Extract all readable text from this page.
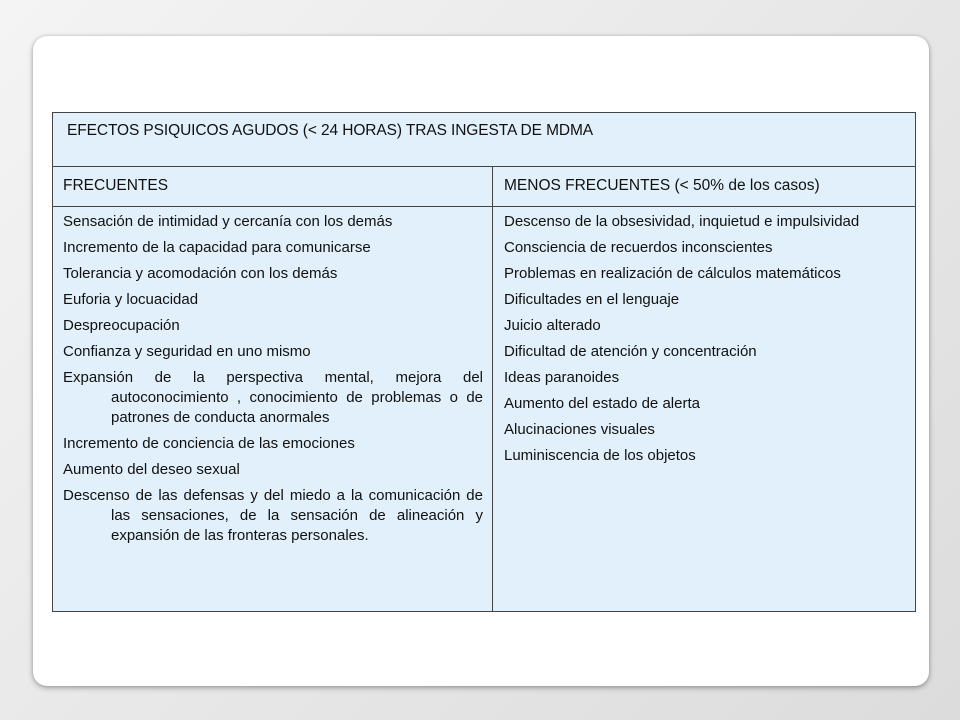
EFECTOS PSIQUICOS AGUDOS (< 24 HORAS) TRAS INGESTA DE MDMA
FRECUENTES	MENOS FRECUENTES (< 50% de los casos)
Sensación de intimidad y cercanía con los demás
Incremento de la capacidad para comunicarse
Tolerancia y acomodación con los demás
Euforia y locuacidad
Despreocupación
Confianza y seguridad en uno mismo
Expansión de la perspectiva mental, mejora del autoconocimiento , conocimiento de problemas o de patrones de conducta anormales
Incremento de conciencia de las emociones
Aumento del deseo sexual
Descenso de las defensas y del miedo a la comunicación de las sensaciones, de la sensación de alineación y expansión de las fronteras personales.
Descenso de la obsesividad, inquietud e impulsividad
Consciencia de recuerdos inconscientes
Problemas en realización de cálculos matemáticos
Dificultades en el lenguaje
Juicio alterado
Dificultad de atención y concentración
Ideas paranoides
Aumento del estado de alerta
Alucinaciones visuales
Luminiscencia de los objetos
